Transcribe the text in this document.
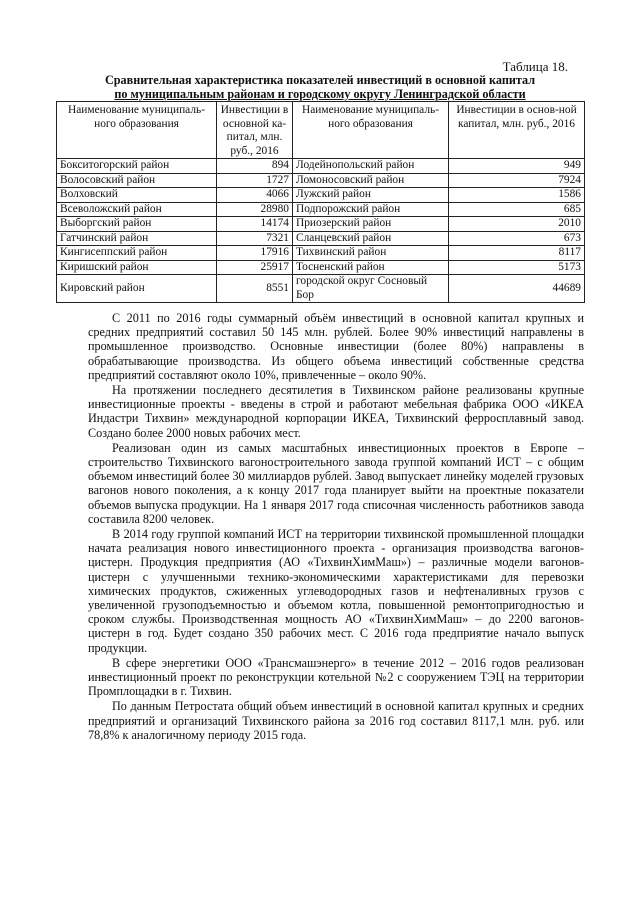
Таблица 18.
Сравнительная характеристика показателей инвестиций в основной капитал
по муниципальным районам и городскому округу Ленинградской области
Наименование муниципаль-ного образования	Инвестиции в основной ка-питал, млн. руб., 2016	Наименование муниципаль-ного образования	Инвестиции в основ-ной капитал, млн. руб., 2016
Бокситогорский район	894	Лодейнопольский район	949
Волосовский район	1727	Ломоносовский район	7924
Волховский	4066	Лужский район	1586
Всеволожский район	28980	Подпорожский район	685
Выборгский район	14174	Приозерский район	2010
Гатчинский район	7321	Сланцевский район	673
Кингисеппский район	17916	Тихвинский район	8117
Киришский район	25917	Тосненский район	5173
Кировский район	8551	городской округ Сосновый Бор	44689

С 2011 по 2016 годы суммарный объём инвестиций в основной капитал крупных и средних предприятий составил 50 145 млн. рублей. Более 90% инвестиций направлены в промышленное производство. Основные инвестиции (более 80%) направлены в обрабатывающие производства. Из общего объема инвестиций собственные средства предприятий составляют около 10%, привлеченные – около 90%.

На протяжении последнего десятилетия в Тихвинском районе реализованы крупные инвестиционные проекты - введены в строй и работают мебельная фабрика ООО «ИКЕА Индастри Тихвин» международной корпорации ИКЕА, Тихвинский ферросплавный завод. Создано более 2000 новых рабочих мест.

Реализован один из самых масштабных инвестиционных проектов в Европе – строительство Тихвинского вагоностроительного завода группой компаний ИСТ – с общим объемом инвестиций более 30 миллиардов рублей. Завод выпускает линейку моделей грузовых вагонов нового поколения, а к концу 2017 года планирует выйти на проектные показатели объемов выпуска продукции. На 1 января 2017 года списочная численность работников завода составила 8200 человек.

В 2014 году группой компаний ИСТ на территории тихвинской промышленной площадки начата реализация нового инвестиционного проекта - организация производства вагонов-цистерн. Продукция предприятия (АО «ТихвинХимМаш») – различные модели вагонов-цистерн с улучшенными технико-экономическими характеристиками для перевозки химических продуктов, сжиженных углеводородных газов и нефтеналивных грузов с увеличенной грузоподъемностью и объемом котла, повышенной ремонтопригодностью и сроком службы. Производственная мощность АО «ТихвинХимМаш» – до 2200 вагонов-цистерн в год. Будет создано 350 рабочих мест. С 2016 года предприятие начало выпуск продукции.

В сфере энергетики ООО «Трансмашэнерго» в течение 2012 – 2016 годов реализован инвестиционный проект по реконструкции котельной №2 с сооружением ТЭЦ на территории Промплощадки в г. Тихвин.

По данным Петростата общий объем инвестиций в основной капитал крупных и средних предприятий и организаций Тихвинского района за 2016 год составил 8117,1 млн. руб. или 78,8% к аналогичному периоду 2015 года.
